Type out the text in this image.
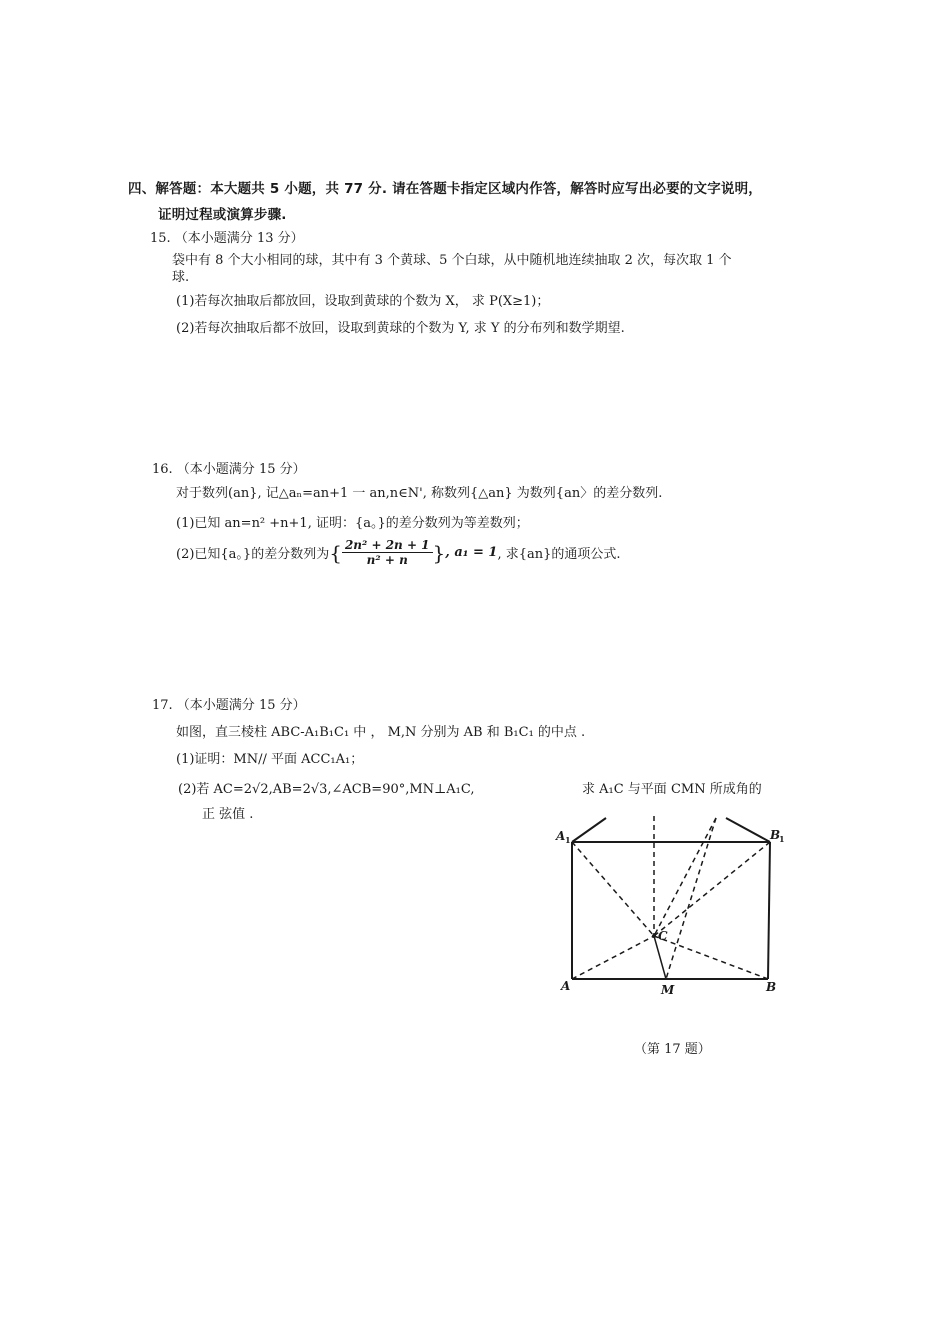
四、解答题：本大题共 5 小题，共 77 分. 请在答题卡指定区域内作答，解答时应写出必要的文字说明，
证明过程或演算步骤.
15. （本小题满分 13 分）
袋中有 8 个大小相同的球，其中有 3 个黄球、5 个白球，从中随机地连续抽取 2 次，每次取 1 个
球.
(1)若每次抽取后都放回，设取到黄球的个数为 X， 求 P(X≥1)；
(2)若每次抽取后都不放回，设取到黄球的个数为 Y, 求 Y 的分布列和数学期望.
16. （本小题满分 15 分）
对于数列(an}, 记△aₙ=an+1 一 an,n∈N', 称数列{△an} 为数列{an〉的差分数列.
(1)已知 an=n² +n+1, 证明：{a。}的差分数列为等差数列；
(2)已知{a。}的差分数列为 { $\frac{\text{2n² + 2n + 1}}{\text{n² + n}}$ } , a₁ = 1 , 求{an}的通项公式.
17. （本小题满分 15 分）
如图，直三棱柱 ABC-A₁B₁C₁ 中 ， M,N 分别为 AB 和 B₁C₁ 的中点 .
(1)证明：MN// 平面 ACC₁A₁；
(2)若 AC=2√2,AB=2√3,∠ACB=90°,MN⊥A₁C,	求 A₁C 与平面 CMN 所成角的
正 弦值 .
A 1	B
1
C
A	M	B
（第 17 题）
